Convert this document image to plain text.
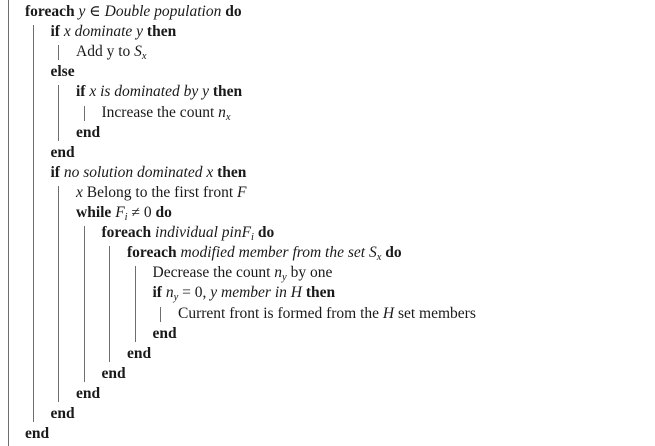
foreach y ∈ Double population do
if x dominate y then
Add y to $S_x$
else
if x is dominated by y then
Increase the count $n_x$
end
end
if no solution dominated x then
x Belong to the first front F
while $F_i \ne 0$ do
foreach individual pinF$_i$ do
foreach modified member from the set $S_x$ do
Decrease the count $n_y$ by one
if $n_y = 0$, y member in H then
Current front is formed from the H set members
end
end
end
end
end
end
